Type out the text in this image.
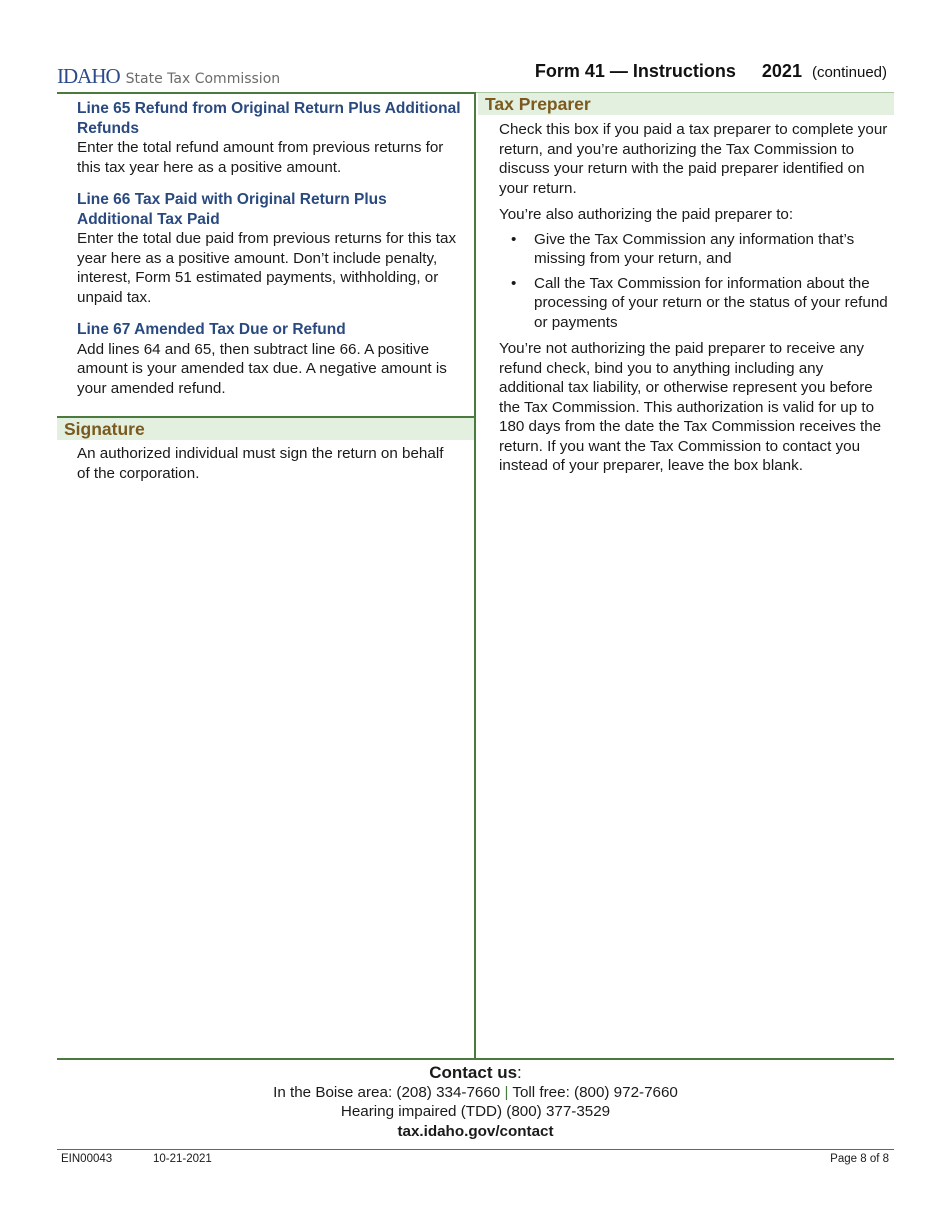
IDAHO State Tax Commission	Form 41 — Instructions 2021 (continued)
Line 65 Refund from Original Return Plus Additional Refunds
Enter the total refund amount from previous returns for this tax year here as a positive amount.
Line 66 Tax Paid with Original Return Plus Additional Tax Paid
Enter the total due paid from previous returns for this tax year here as a positive amount. Don’t include penalty, interest, Form 51 estimated payments, withholding, or unpaid tax.
Line 67 Amended Tax Due or Refund
Add lines 64 and 65, then subtract line 66. A positive amount is your amended tax due. A negative amount is your amended refund.
Signature
An authorized individual must sign the return on behalf of the corporation.
Tax Preparer
Check this box if you paid a tax preparer to complete your return, and you’re authorizing the Tax Commission to discuss your return with the paid preparer identified on your return.
You’re also authorizing the paid preparer to:
• Give the Tax Commission any information that’s missing from your return, and
• Call the Tax Commission for information about the processing of your return or the status of your refund or payments
You’re not authorizing the paid preparer to receive any refund check, bind you to anything including any additional tax liability, or otherwise represent you before the Tax Commission. This authorization is valid for up to 180 days from the date the Tax Commission receives the return. If you want the Tax Commission to contact you instead of your preparer, leave the box blank.
Contact us:
In the Boise area: (208) 334-7660 | Toll free: (800) 972-7660
Hearing impaired (TDD) (800) 377-3529
tax.idaho.gov/contact
EIN00043	10-21-2021	Page 8 of 8
